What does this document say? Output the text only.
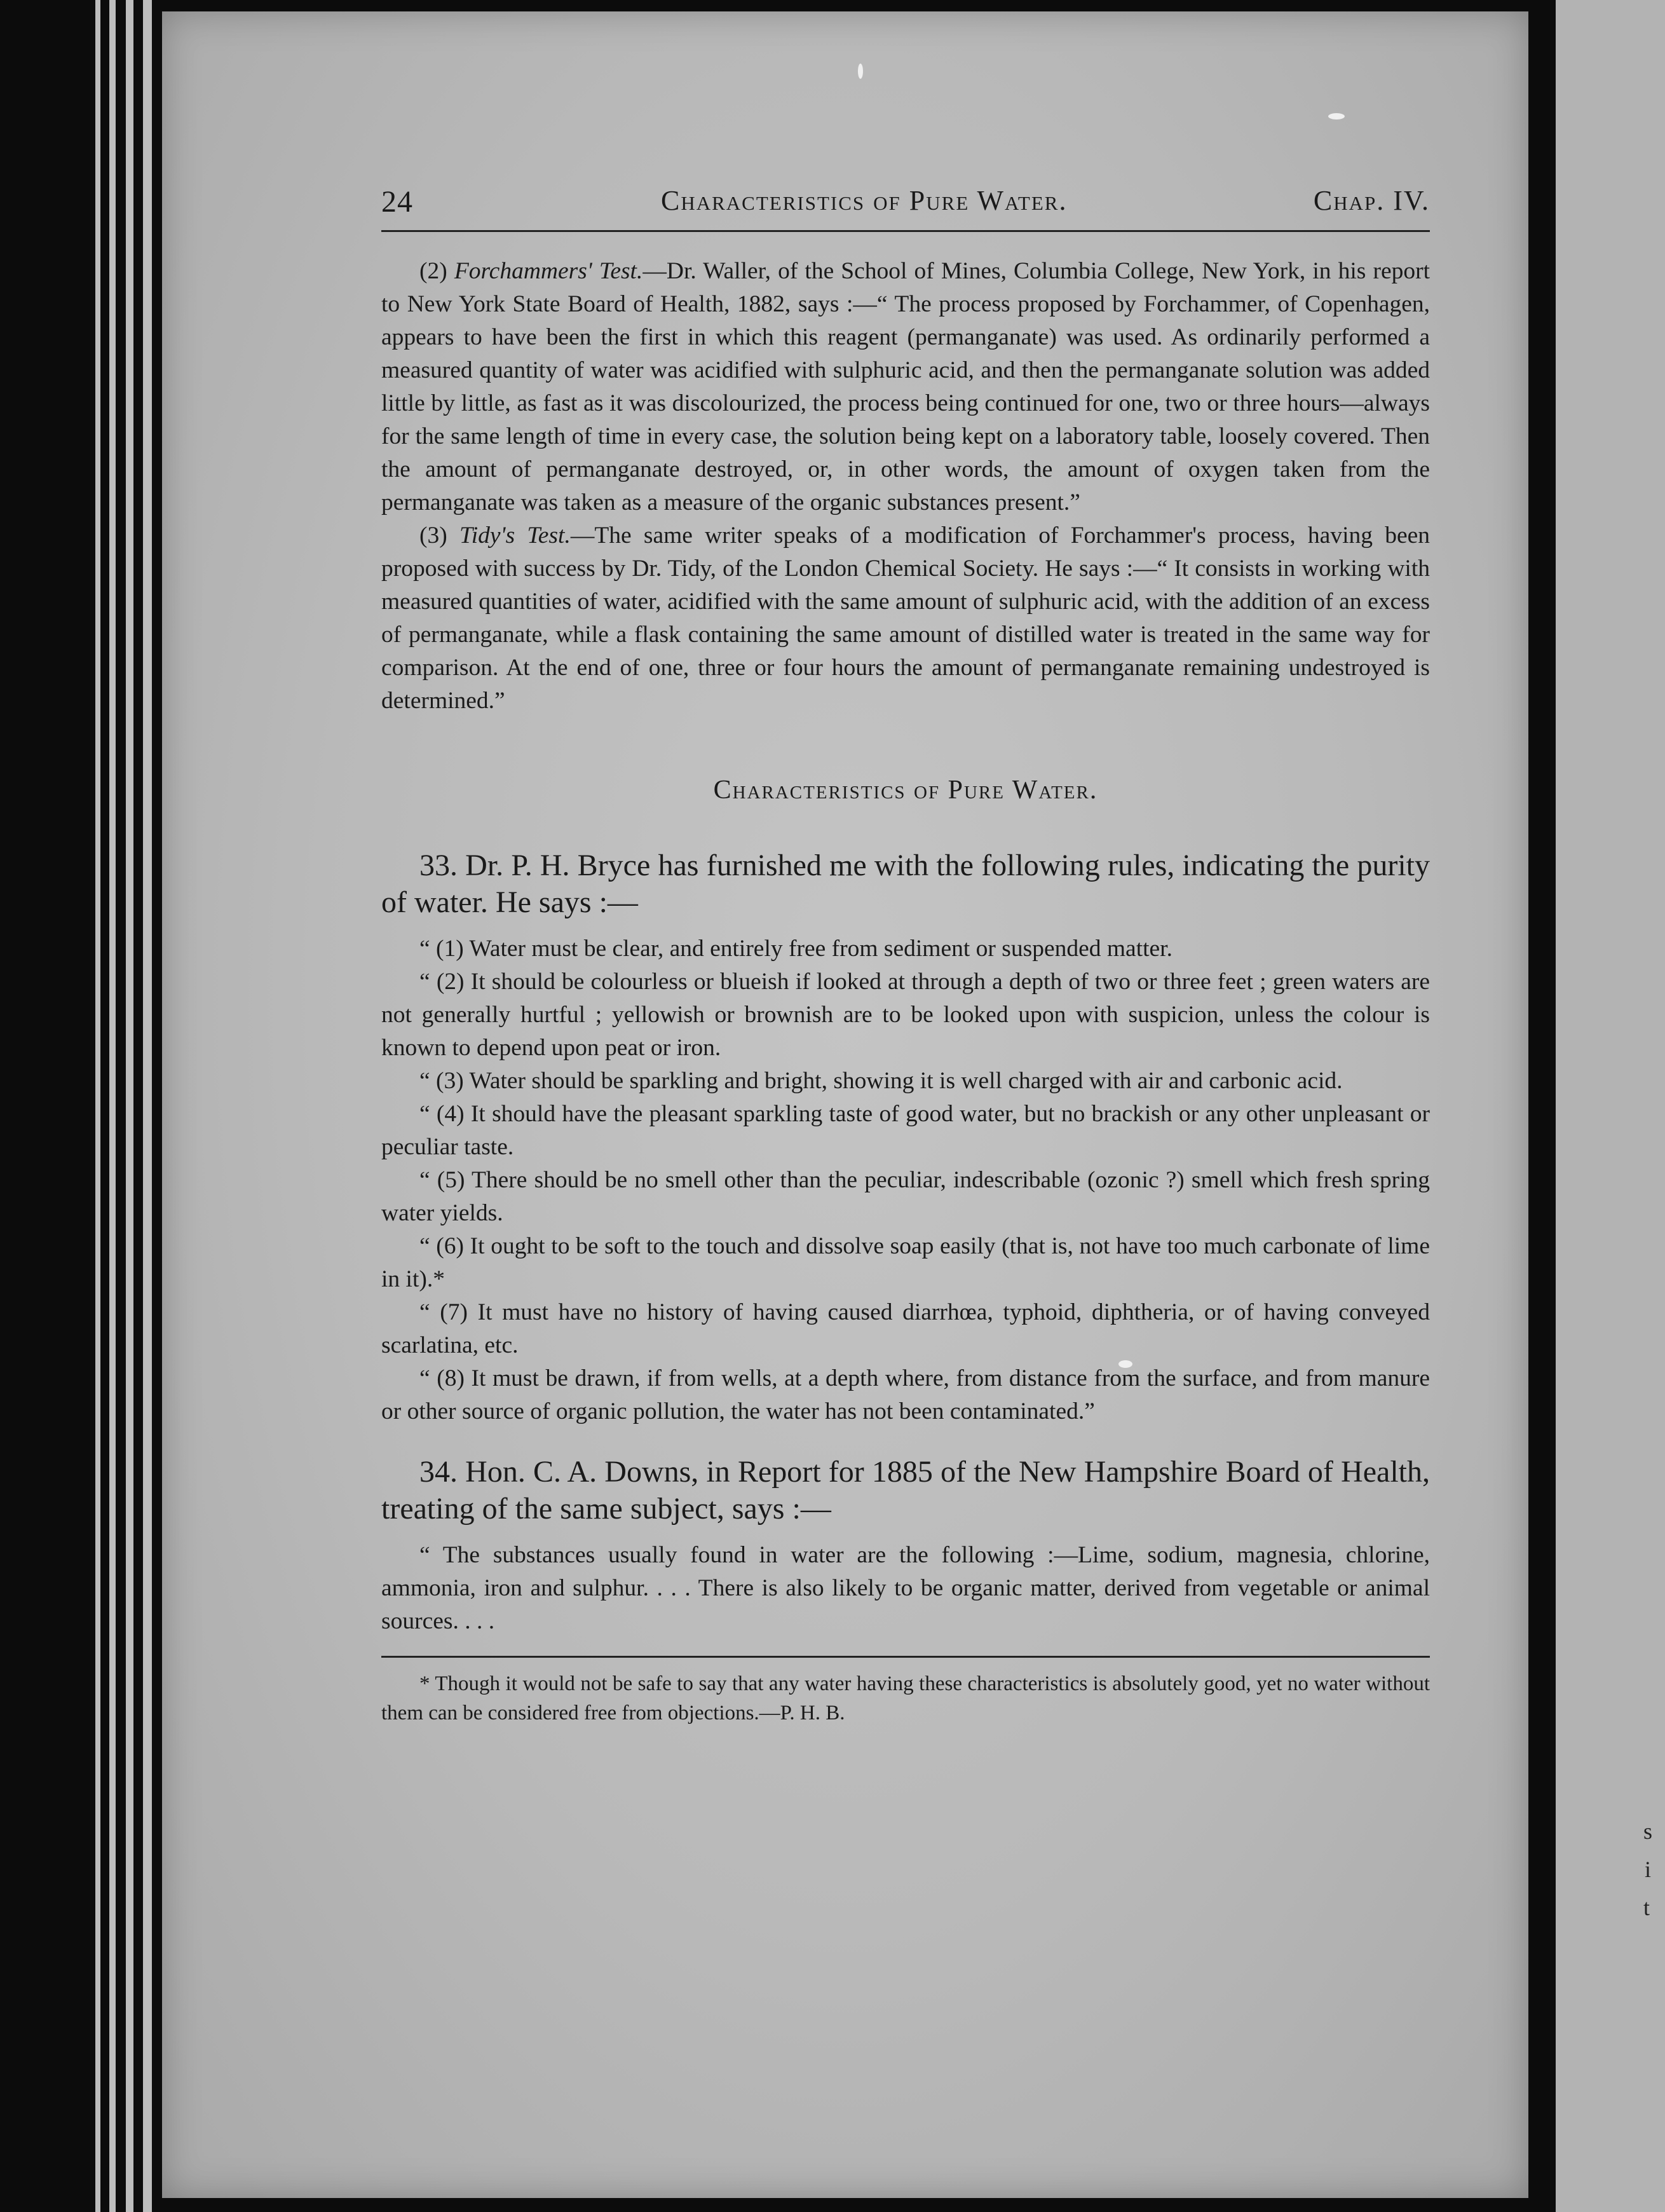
s
i
t
24	Characteristics of Pure Water.	Chap. IV.

(2) Forchammers' Test.—Dr. Waller, of the School of Mines, Columbia College, New York, in his report to New York State Board of Health, 1882, says :—“ The process proposed by Forchammer, of Copenhagen, appears to have been the first in which this reagent (permanganate) was used. As ordinarily performed a measured quantity of water was acidified with sulphuric acid, and then the permanganate solution was added little by little, as fast as it was discolourized, the process being continued for one, two or three hours—always for the same length of time in every case, the solution being kept on a laboratory table, loosely covered. Then the amount of permanganate destroyed, or, in other words, the amount of oxygen taken from the permanganate was taken as a measure of the organic substances present.”

(3) Tidy's Test.—The same writer speaks of a modification of Forchammer's process, having been proposed with success by Dr. Tidy, of the London Chemical Society. He says :—“ It consists in working with measured quantities of water, acidified with the same amount of sulphuric acid, with the addition of an excess of permanganate, while a flask containing the same amount of distilled water is treated in the same way for comparison. At the end of one, three or four hours the amount of permanganate remaining undestroyed is determined.”

Characteristics of Pure Water.

33. Dr. P. H. Bryce has furnished me with the following rules, indicating the purity of water. He says :—

“ (1) Water must be clear, and entirely free from sediment or suspended matter.

“ (2) It should be colourless or blueish if looked at through a depth of two or three feet ; green waters are not generally hurtful ; yellowish or brownish are to be looked upon with suspicion, unless the colour is known to depend upon peat or iron.

“ (3) Water should be sparkling and bright, showing it is well charged with air and carbonic acid.

“ (4) It should have the pleasant sparkling taste of good water, but no brackish or any other unpleasant or peculiar taste.

“ (5) There should be no smell other than the peculiar, indescribable (ozonic ?) smell which fresh spring water yields.

“ (6) It ought to be soft to the touch and dissolve soap easily (that is, not have too much carbonate of lime in it).*

“ (7) It must have no history of having caused diarrhœa, typhoid, diphtheria, or of having conveyed scarlatina, etc.

“ (8) It must be drawn, if from wells, at a depth where, from distance from the surface, and from manure or other source of organic pollution, the water has not been contaminated.”

34. Hon. C. A. Downs, in Report for 1885 of the New Hampshire Board of Health, treating of the same subject, says :—

“ The substances usually found in water are the following :—Lime, sodium, magnesia, chlorine, ammonia, iron and sulphur. . . . There is also likely to be organic matter, derived from vegetable or animal sources. . . .

* Though it would not be safe to say that any water having these characteristics is absolutely good, yet no water without them can be considered free from objections.—P. H. B.
